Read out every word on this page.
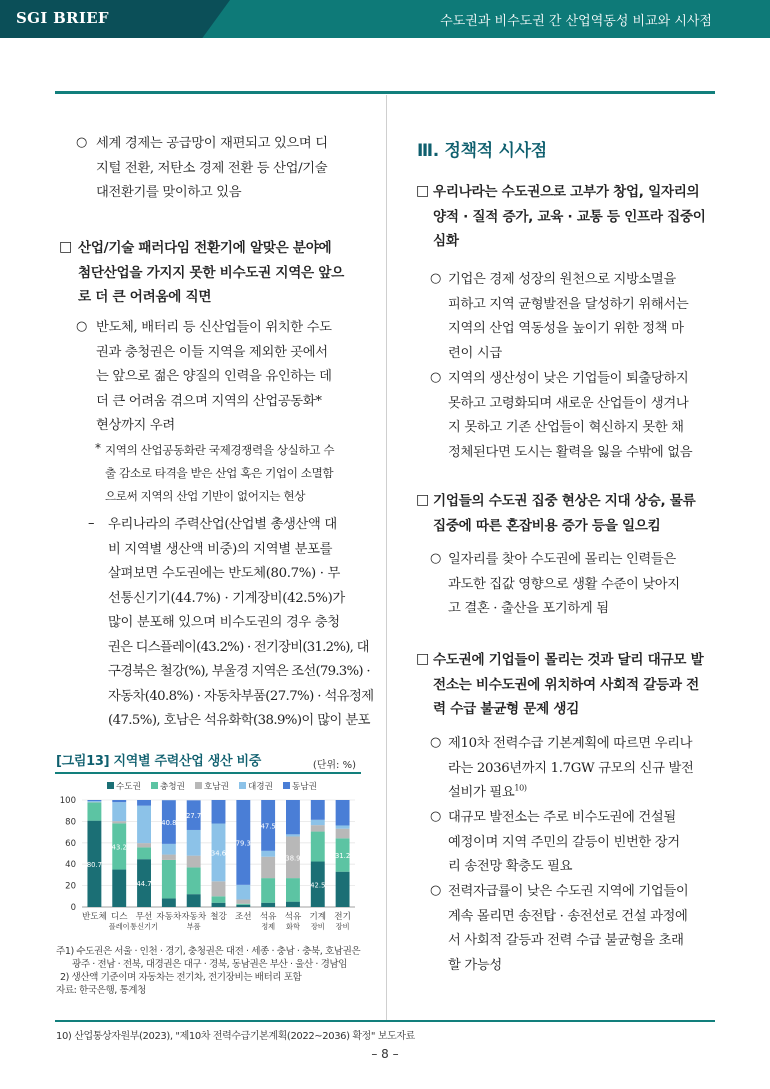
SGI BRIEF	수도권과 비수도권 간 산업역동성 비교와 시사점
○ 세계 경제는 공급망이 재편되고 있으며 디
지털 전환, 저탄소 경제 전환 등 산업/기술
대전환기를 맞이하고 있음
□ 산업/기술 패러다임 전환기에 알맞은 분야에
첨단산업을 가지지 못한 비수도권 지역은 앞으
로 더 큰 어려움에 직면
○ 반도체, 배터리 등 신산업들이 위치한 수도
권과 충청권은 이들 지역을 제외한 곳에서
는 앞으로 젊은 양질의 인력을 유인하는 데
더 큰 어려움 겪으며 지역의 산업공동화*
현상까지 우려
* 지역의 산업공동화란 국제경쟁력을 상실하고 수
출 감소로 타격을 받은 산업 혹은 기업이 소멸함
으로써 지역의 산업 기반이 없어지는 현상
– 우리나라의 주력산업(산업별 총생산액 대
비 지역별 생산액 비중)의 지역별 분포를
살펴보면 수도권에는 반도체(80.7%) · 무
선통신기기(44.7%) · 기계장비(42.5%)가
많이 분포해 있으며 비수도권의 경우 충청
권은 디스플레이(43.2%) · 전기장비(31.2%), 대
구경북은 철강(%), 부울경 지역은 조선(79.3%) ·
자동차(40.8%) · 자동차부품(27.7%) · 석유정제
(47.5%), 호남은 석유화학(38.9%)이 많이 분포
[그림13] 지역별 주력산업 생산 비중	(단위: %)
수도권 충청권 호남권 대경권 동남권
0
20
40
60
80
100
반도체 디스
플레이
무선
통신기기
자동차 자동차
부품
철강 조선 석유
정제
석유
화학
기계
장비
전기
장비
80.7
43.2
44.7
40.8
27.7
34.6
79.3
47.5
38.9
42.5
31.2
주1) 수도권은 서울 · 인천 · 경기, 충청권은 대전 · 세종 · 충남 · 충북, 호남권은
광주 · 전남 · 전북, 대경권은 대구 · 경북, 동남권은 부산 · 울산 · 경남임
2) 생산액 기준이며 자동차는 전기차, 전기장비는 배터리 포함
자료: 한국은행, 통계청
Ⅲ. 정책적 시사점
□ 우리나라는 수도권으로 고부가 창업, 일자리의
양적 · 질적 증가, 교육 · 교통 등 인프라 집중이
심화
○ 기업은 경제 성장의 원천으로 지방소멸을
피하고 지역 균형발전을 달성하기 위해서는
지역의 산업 역동성을 높이기 위한 정책 마
련이 시급
○ 지역의 생산성이 낮은 기업들이 퇴출당하지
못하고 고령화되며 새로운 산업들이 생겨나
지 못하고 기존 산업들이 혁신하지 못한 채
정체된다면 도시는 활력을 잃을 수밖에 없음
□ 기업들의 수도권 집중 현상은 지대 상승, 물류
집중에 따른 혼잡비용 증가 등을 일으킴
○ 일자리를 찾아 수도권에 몰리는 인력들은
과도한 집값 영향으로 생활 수준이 낮아지
고 결혼 · 출산을 포기하게 됨
□ 수도권에 기업들이 몰리는 것과 달리 대규모 발
전소는 비수도권에 위치하여 사회적 갈등과 전
력 수급 불균형 문제 생김
○ 제10차 전력수급 기본계획에 따르면 우리나
라는 2036년까지 1.7GW 규모의 신규 발전
설비가 필요$^{10)}$
○ 대규모 발전소는 주로 비수도권에 건설될
예정이며 지역 주민의 갈등이 빈번한 장거
리 송전망 확충도 필요
○ 전력자급률이 낮은 수도권 지역에 기업들이
계속 몰리면 송전탑 · 송전선로 건설 과정에
서 사회적 갈등과 전력 수급 불균형을 초래
할 가능성
10) 산업통상자원부(2023), "제10차 전력수급기본계획(2022~2036) 확정" 보도자료
– 8 –
